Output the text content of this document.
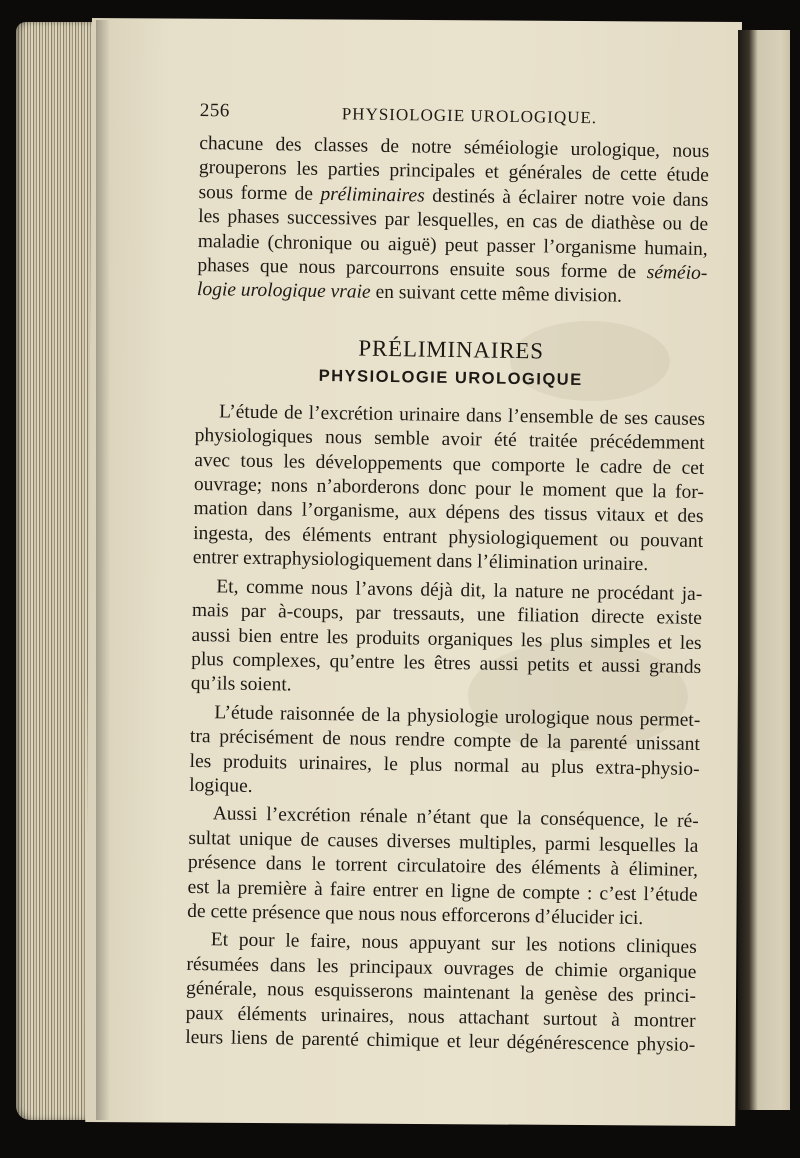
256	PHYSIOLOGIE UROLOGIQUE.

chacune des classes de notre séméiologie urologique, nous
grouperons les parties principales et générales de cette étude
sous forme de préliminaires destinés à éclairer notre voie dans
les phases successives par lesquelles, en cas de diathèse ou de
maladie (chronique ou aiguë) peut passer l’organisme humain,
phases que nous parcourrons ensuite sous forme de séméio-
logie urologique vraie en suivant cette même division.

PRÉLIMINAIRES
PHYSIOLOGIE UROLOGIQUE

L’étude de l’excrétion urinaire dans l’ensemble de ses causes
physiologiques nous semble avoir été traitée précédemment
avec tous les développements que comporte le cadre de cet
ouvrage; nons n’aborderons donc pour le moment que la for-
mation dans l’organisme, aux dépens des tissus vitaux et des
ingesta, des éléments entrant physiologiquement ou pouvant
entrer extraphysiologiquement dans l’élimination urinaire.

Et, comme nous l’avons déjà dit, la nature ne procédant ja-
mais par à-coups, par tressauts, une filiation directe existe
aussi bien entre les produits organiques les plus simples et les
plus complexes, qu’entre les êtres aussi petits et aussi grands
qu’ils soient.

L’étude raisonnée de la physiologie urologique nous permet-
tra précisément de nous rendre compte de la parenté unissant
les produits urinaires, le plus normal au plus extra-physio-
logique.

Aussi l’excrétion rénale n’étant que la conséquence, le ré-
sultat unique de causes diverses multiples, parmi lesquelles la
présence dans le torrent circulatoire des éléments à éliminer,
est la première à faire entrer en ligne de compte : c’est l’étude
de cette présence que nous nous efforcerons d’élucider ici.

Et pour le faire, nous appuyant sur les notions cliniques
résumées dans les principaux ouvrages de chimie organique
générale, nous esquisserons maintenant la genèse des princi-
paux éléments urinaires, nous attachant surtout à montrer
leurs liens de parenté chimique et leur dégénérescence physio-
